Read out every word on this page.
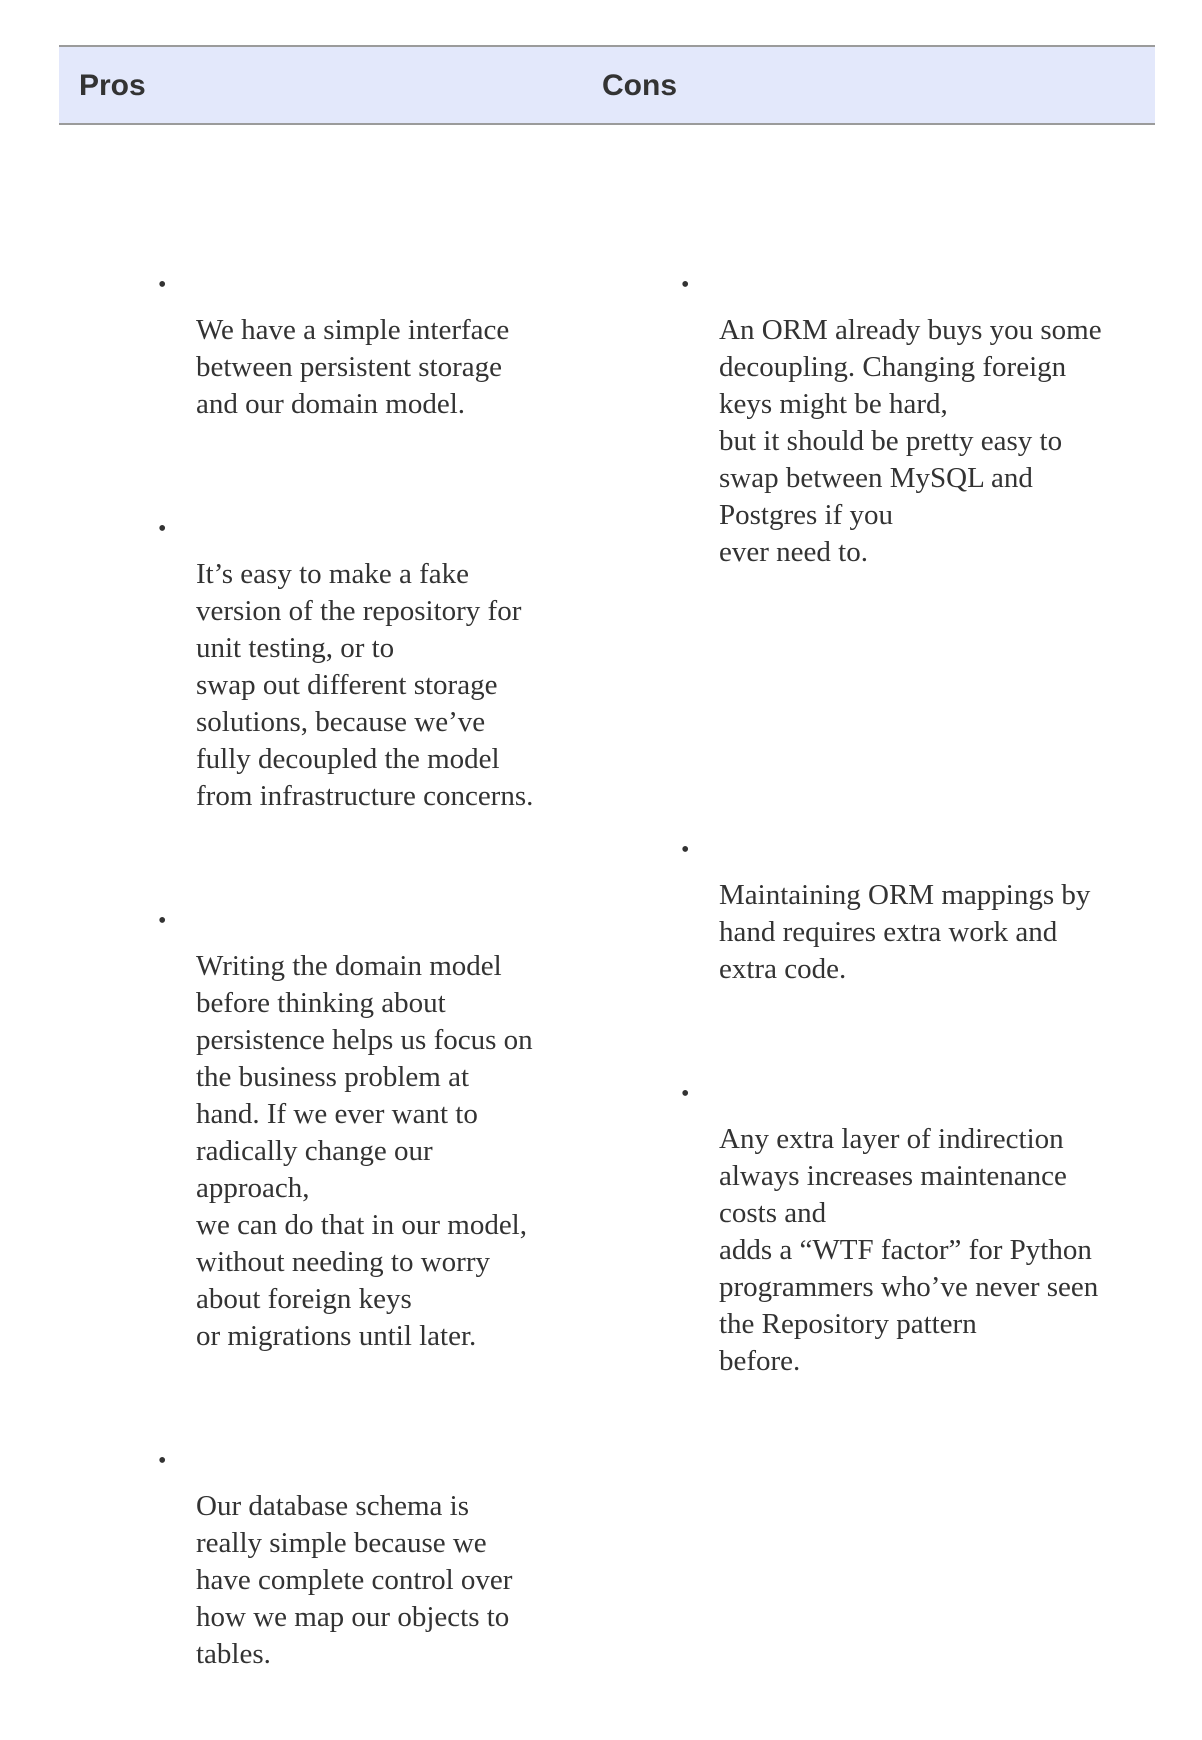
Pros	Cons
•

We have a simple interface
between persistent storage
and our domain model.

•

It’s easy to make a fake
version of the repository for
unit testing, or to
swap out different storage
solutions, because we’ve
fully decoupled the model
from infrastructure concerns.

•

Writing the domain model
before thinking about
persistence helps us focus on
the business problem at
hand. If we ever want to
radically change our
approach,
we can do that in our model,
without needing to worry
about foreign keys
or migrations until later.

•

Our database schema is
really simple because we
have complete control over
how we map our objects to
tables.

•

An ORM already buys you some
decoupling. Changing foreign
keys might be hard,
but it should be pretty easy to
swap between MySQL and
Postgres if you
ever need to.

•

Maintaining ORM mappings by
hand requires extra work and
extra code.

•

Any extra layer of indirection
always increases maintenance
costs and
adds a “WTF factor” for Python
programmers who’ve never seen
the Repository pattern
before.
